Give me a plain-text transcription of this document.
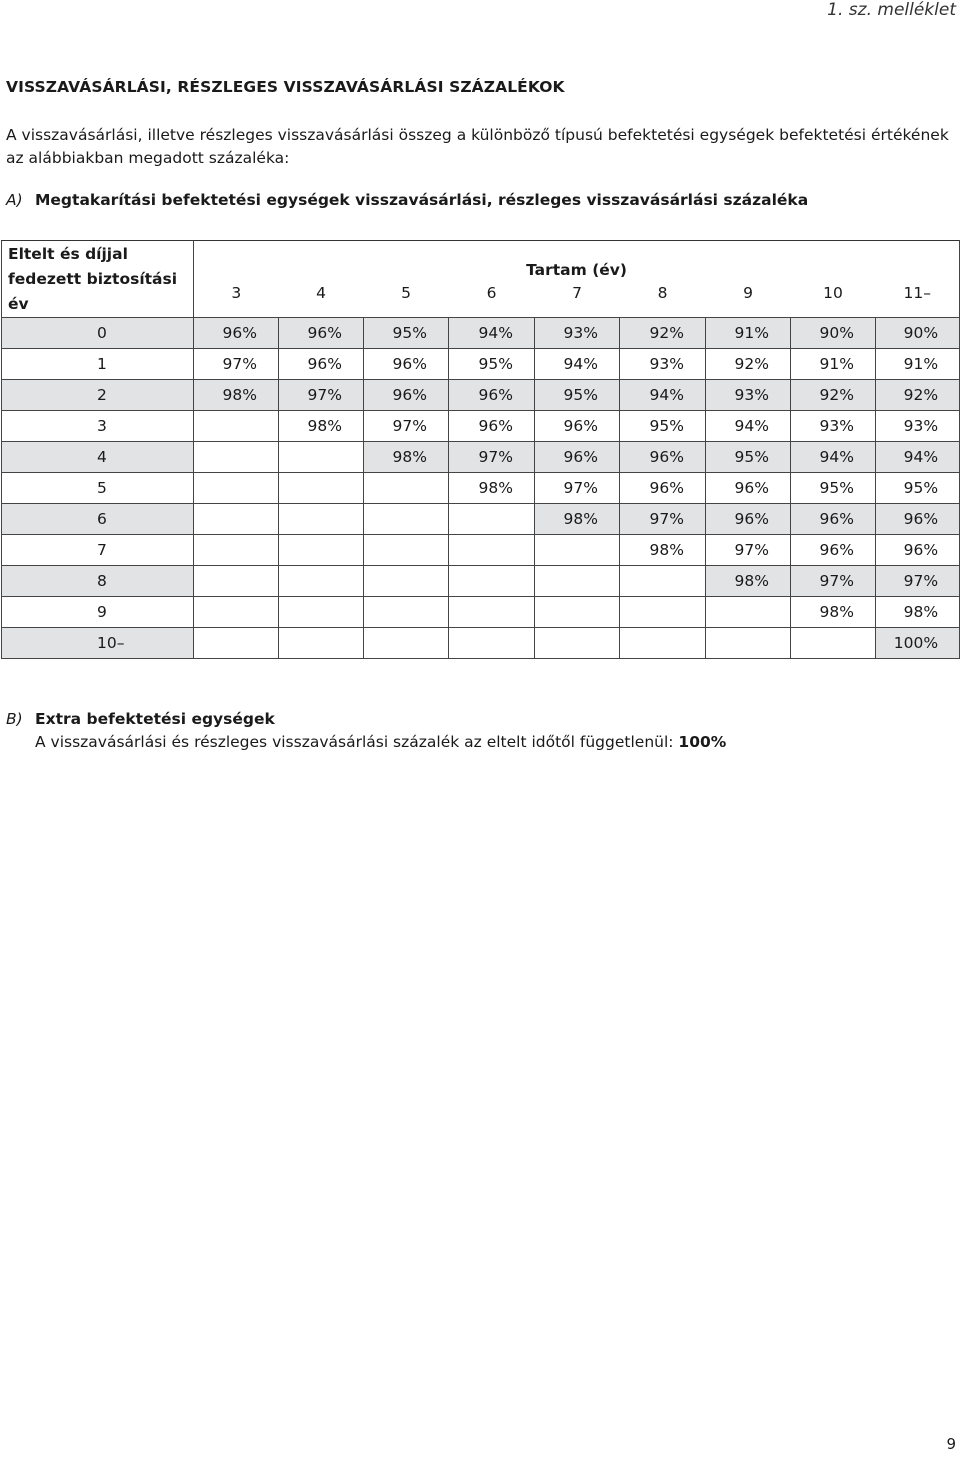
1. sz. melléklet
VISSZAVÁSÁRLÁSI, RÉSZLEGES VISSZAVÁSÁRLÁSI SZÁZALÉKOK
A visszavásárlási, illetve részleges visszavásárlási összeg a különböző típusú befektetési egységek befektetési értékének az alábbiakban megadott százaléka:
A) Megtakarítási befektetési egységek visszavásárlási, részleges visszavásárlási százaléka
Eltelt és díjjal fedezett biztosítási év	Tartam (év)								
	3	4	5	6	7	8	9	10	11–
0	96%	96%	95%	94%	93%	92%	91%	90%	90%
1	97%	96%	96%	95%	94%	93%	92%	91%	91%
2	98%	97%	96%	96%	95%	94%	93%	92%	92%
3		98%	97%	96%	96%	95%	94%	93%	93%
4			98%	97%	96%	96%	95%	94%	94%
5				98%	97%	96%	96%	95%	95%
6					98%	97%	96%	96%	96%
7						98%	97%	96%	96%
8							98%	97%	97%
9								98%	98%
10–									100%
B) Extra befektetési egységek
A visszavásárlási és részleges visszavásárlási százalék az eltelt időtől függetlenül: 100%
9
